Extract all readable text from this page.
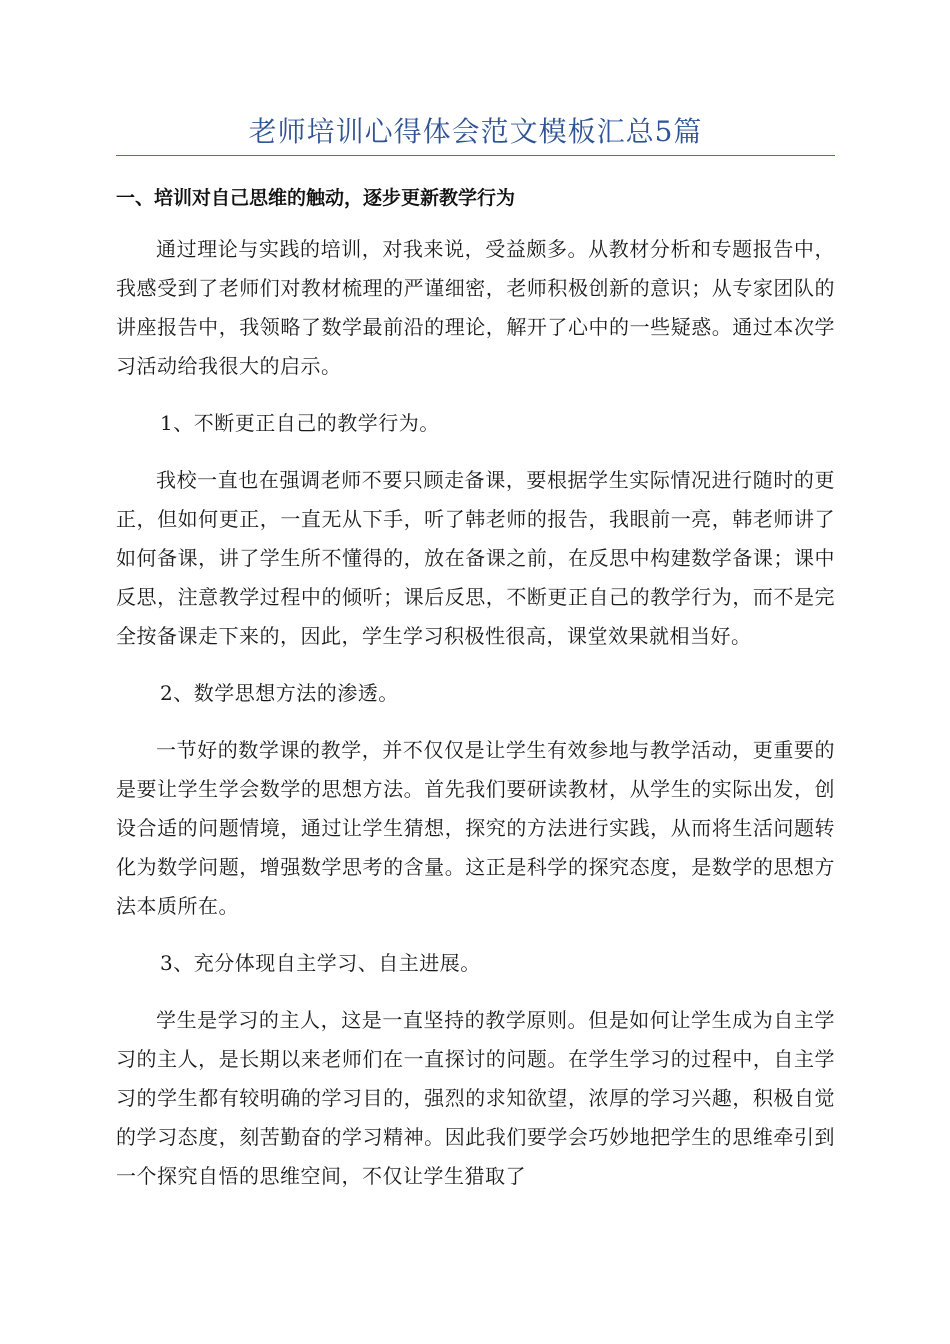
老师培训心得体会范文模板汇总5篇
一、培训对自己思维的触动，逐步更新教学行为

通过理论与实践的培训，对我来说，受益颇多。从教材分析和专题报告中，我感受到了老师们对教材梳理的严谨细密，老师积极创新的意识；从专家团队的讲座报告中，我领略了数学最前沿的理论，解开了心中的一些疑惑。通过本次学习活动给我很大的启示。

1、不断更正自己的教学行为。

我校一直也在强调老师不要只顾走备课，要根据学生实际情况进行随时的更正，但如何更正，一直无从下手，听了韩老师的报告，我眼前一亮，韩老师讲了如何备课，讲了学生所不懂得的，放在备课之前，在反思中构建数学备课；课中反思，注意教学过程中的倾听；课后反思，不断更正自己的教学行为，而不是完全按备课走下来的，因此，学生学习积极性很高，课堂效果就相当好。

2、数学思想方法的渗透。

一节好的数学课的教学，并不仅仅是让学生有效参地与教学活动，更重要的是要让学生学会数学的思想方法。首先我们要研读教材，从学生的实际出发，创设合适的问题情境，通过让学生猜想，探究的方法进行实践，从而将生活问题转化为数学问题，增强数学思考的含量。这正是科学的探究态度，是数学的思想方法本质所在。

3、充分体现自主学习、自主进展。

学生是学习的主人，这是一直坚持的教学原则。但是如何让学生成为自主学习的主人，是长期以来老师们在一直探讨的问题。在学生学习的过程中，自主学习的学生都有较明确的学习目的，强烈的求知欲望，浓厚的学习兴趣，积极自觉的学习态度，刻苦勤奋的学习精神。因此我们要学会巧妙地把学生的思维牵引到一个探究自悟的思维空间，不仅让学生猎取了
